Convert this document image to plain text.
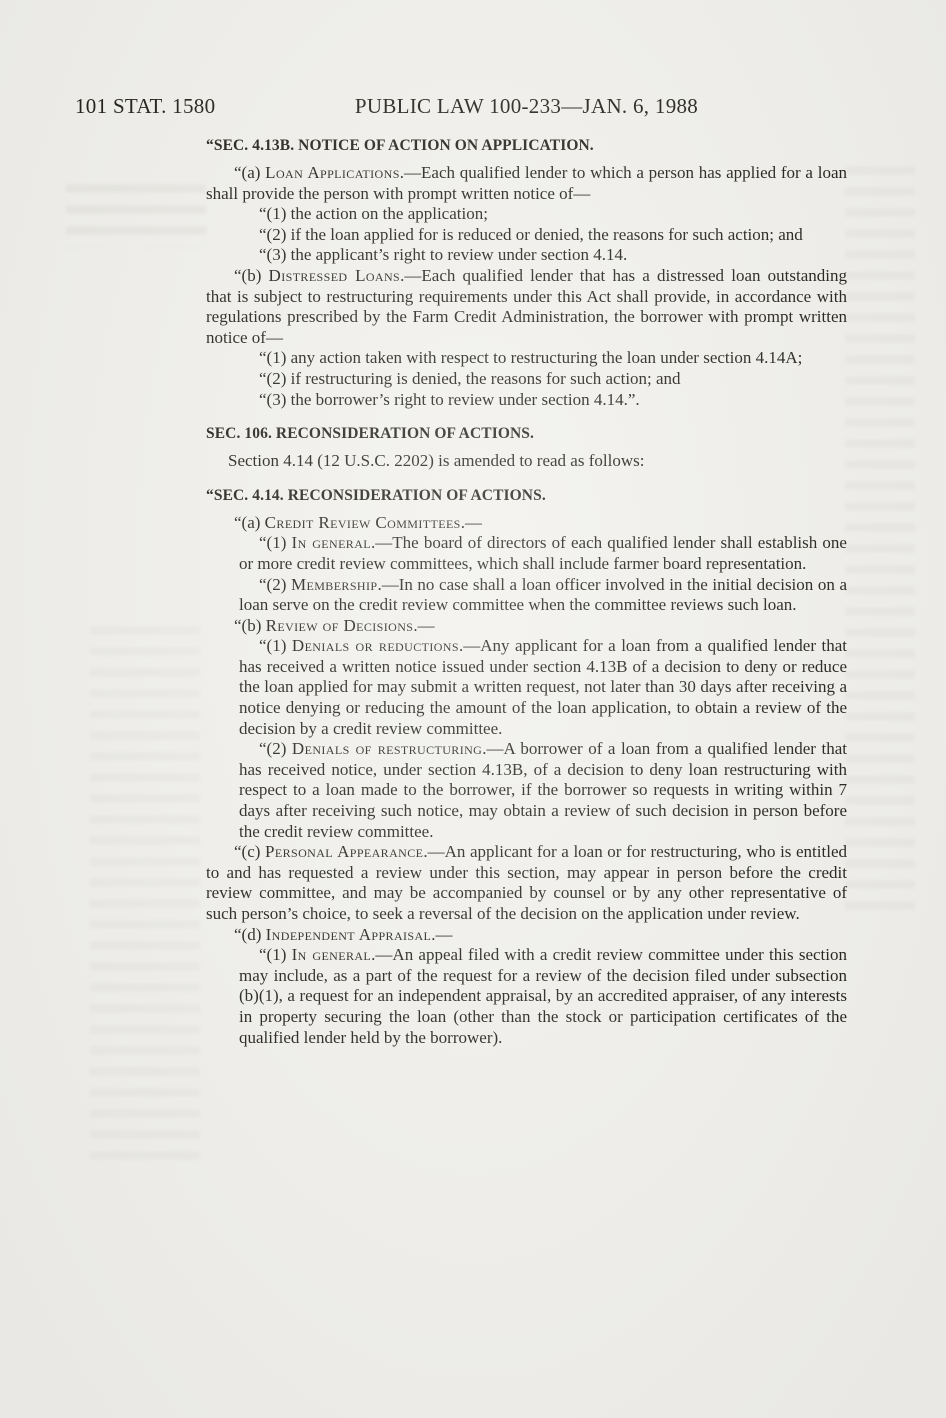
101 STAT. 1580	PUBLIC LAW 100-233—JAN. 6, 1988

“SEC. 4.13B. NOTICE OF ACTION ON APPLICATION.

“(a) Loan Applications.—Each qualified lender to which a person has applied for a loan shall provide the person with prompt written notice of—

“(1) the action on the application;

“(2) if the loan applied for is reduced or denied, the reasons for such action; and

“(3) the applicant’s right to review under section 4.14.

“(b) Distressed Loans.—Each qualified lender that has a distressed loan outstanding that is subject to restructuring requirements under this Act shall provide, in accordance with regulations prescribed by the Farm Credit Administration, the borrower with prompt written notice of—

“(1) any action taken with respect to restructuring the loan under section 4.14A;

“(2) if restructuring is denied, the reasons for such action; and

“(3) the borrower’s right to review under section 4.14.”.

SEC. 106. RECONSIDERATION OF ACTIONS.

Section 4.14 (12 U.S.C. 2202) is amended to read as follows:

“SEC. 4.14. RECONSIDERATION OF ACTIONS.

“(a) Credit Review Committees.—

“(1) In general.—The board of directors of each qualified lender shall establish one or more credit review committees, which shall include farmer board representation.

“(2) Membership.—In no case shall a loan officer involved in the initial decision on a loan serve on the credit review committee when the committee reviews such loan.

“(b) Review of Decisions.—

“(1) Denials or reductions.—Any applicant for a loan from a qualified lender that has received a written notice issued under section 4.13B of a decision to deny or reduce the loan applied for may submit a written request, not later than 30 days after receiving a notice denying or reducing the amount of the loan application, to obtain a review of the decision by a credit review committee.

“(2) Denials of restructuring.—A borrower of a loan from a qualified lender that has received notice, under section 4.13B, of a decision to deny loan restructuring with respect to a loan made to the borrower, if the borrower so requests in writing within 7 days after receiving such notice, may obtain a review of such decision in person before the credit review committee.

“(c) Personal Appearance.—An applicant for a loan or for restructuring, who is entitled to and has requested a review under this section, may appear in person before the credit review committee, and may be accompanied by counsel or by any other representative of such person’s choice, to seek a reversal of the decision on the application under review.

“(d) Independent Appraisal.—

“(1) In general.—An appeal filed with a credit review committee under this section may include, as a part of the request for a review of the decision filed under subsection (b)(1), a request for an independent appraisal, by an accredited appraiser, of any interests in property securing the loan (other than the stock or participation certificates of the qualified lender held by the borrower).
